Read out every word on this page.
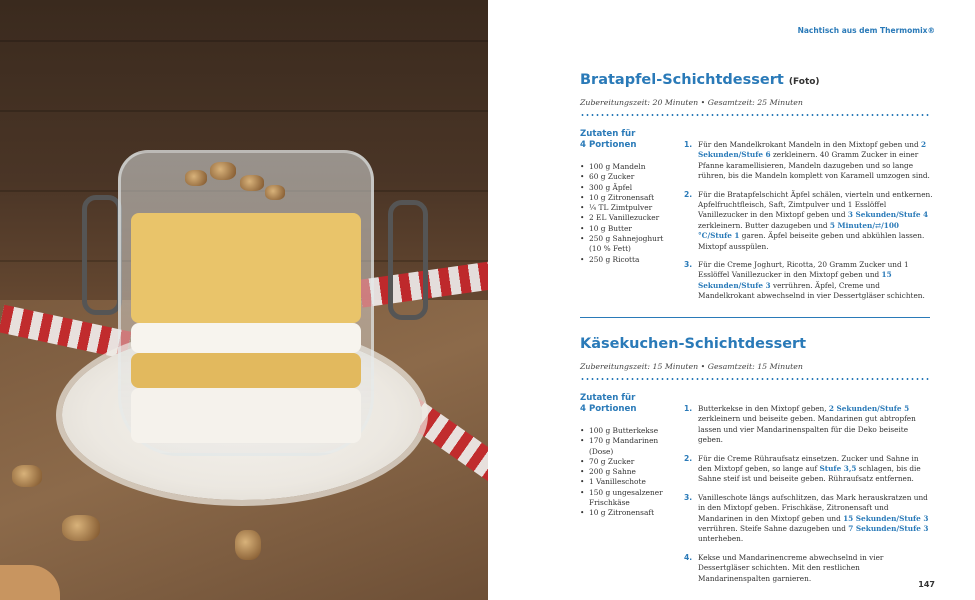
Nachtisch aus dem Thermomix®
Bratapfel-Schichtdessert (Foto)
Zubereitungszeit: 20 Minuten • Gesamtzeit: 25 Minuten
Zutaten für
4 Portionen
• 100 g Mandeln
• 60 g Zucker
• 300 g Äpfel
• 10 g Zitronensaft
• ¼ TL Zimtpulver
• 2 EL Vanillezucker
• 10 g Butter
• 250 g Sahnejoghurt
(10 % Fett)
• 250 g Ricotta
1. Für den Mandelkrokant Mandeln in den Mixtopf geben und 2 Sekunden/Stufe 6 zerkleinern. 40 Gramm Zucker in einer Pfanne karamellisieren, Mandeln dazugeben und so lange rühren, bis die Mandeln komplett von Karamell umzogen sind.
2. Für die Bratapfelschicht Äpfel schälen, vierteln und entkernen. Apfelfruchtfleisch, Saft, Zimtpulver und 1 Esslöffel Vanillezucker in den Mixtopf geben und 3 Sekunden/Stufe 4 zerkleinern. Butter dazugeben und 5 Minuten/⇄/100 °C/Stufe 1 garen. Äpfel beiseite geben und abkühlen lassen. Mixtopf ausspülen.
3. Für die Creme Joghurt, Ricotta, 20 Gramm Zucker und 1 Esslöffel Vanillezucker in den Mixtopf geben und 15 Sekunden/Stufe 3 verrühren. Äpfel, Creme und Mandelkrokant abwechselnd in vier Dessertgläser schichten.
Käsekuchen-Schichtdessert
Zubereitungszeit: 15 Minuten • Gesamtzeit: 15 Minuten
Zutaten für
4 Portionen
• 100 g Butterkekse
• 170 g Mandarinen
(Dose)
• 70 g Zucker
• 200 g Sahne
• 1 Vanilleschote
• 150 g ungesalzener
Frischkäse
• 10 g Zitronensaft
1. Butterkekse in den Mixtopf geben, 2 Sekunden/Stufe 5 zerkleinern und beiseite geben. Mandarinen gut abtropfen lassen und vier Mandarinenspalten für die Deko beiseite geben.
2. Für die Creme Rühraufsatz einsetzen. Zucker und Sahne in den Mixtopf geben, so lange auf Stufe 3,5 schlagen, bis die Sahne steif ist und beiseite geben. Rühraufsatz entfernen.
3. Vanilleschote längs aufschlitzen, das Mark herauskratzen und in den Mixtopf geben. Frischkäse, Zitronensaft und Mandarinen in den Mixtopf geben und 15 Sekunden/Stufe 3 verrühren. Steife Sahne dazugeben und 7 Sekunden/Stufe 3 unterheben.
4. Kekse und Mandarinencreme abwechselnd in vier Dessertgläser schichten. Mit den restlichen Mandarinenspalten garnieren.
147
